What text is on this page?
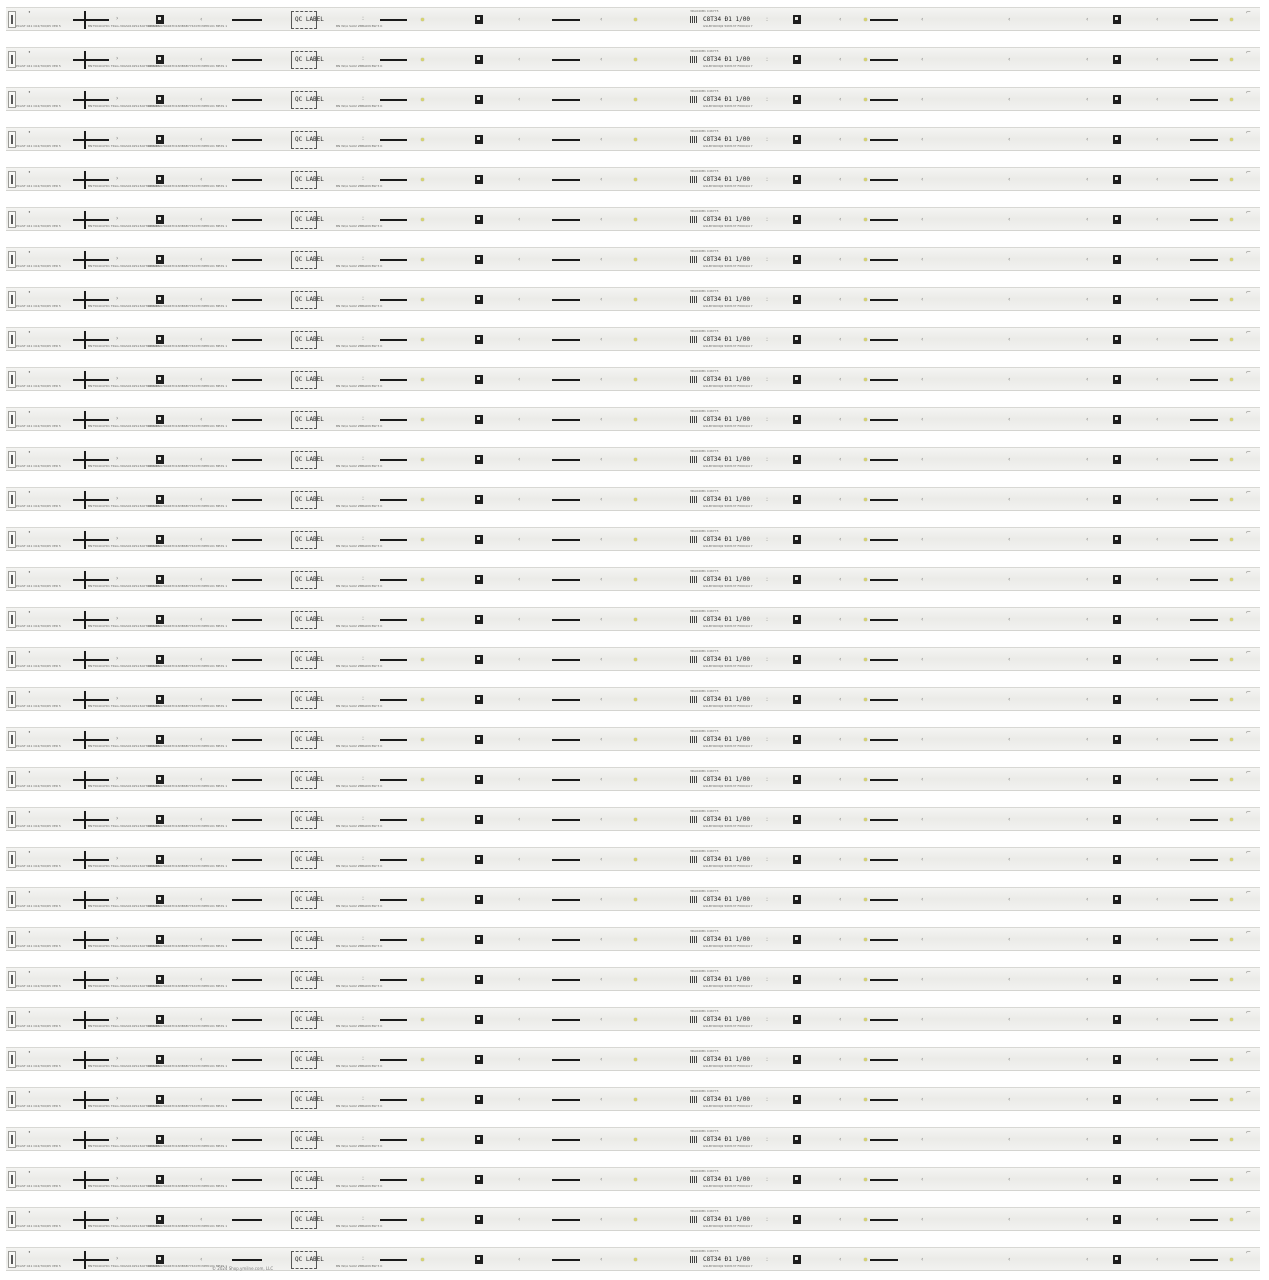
♦
PCAST 041 C04/700/R5 VER 5	BN7504047D1 TRLG-30GS0102S13A0T040AD1
›
DHN BN6704047D1N3B6B774X07D3PP0101 MEXS 1
‹	QC LABEL
BN WI/A SA02 ZBBADN BW 5 K
:	‹	‹
3DA040B1 C46775
C8T34 Ð1 1/00
GSLBY00D0J2 50M137 F0004/4 Y
:	‹	‹	‹	‹	‹
⌐
♦
PCAST 041 C04/700/R5 VER 5	BN7504047D1 TRLG-30GS0102S13A0T040AD1
›
DHN BN6704047D1N3B6B774X07D3PP0101 MEXS 1
‹	QC LABEL
BN WI/A SA02 ZBBADN BW 5 K
:	‹	‹
3DA040B1 C46775
C8T34 Ð1 1/00
GSLBY00D0J2 50M137 F0004/4 Y
:	‹	‹	‹	‹	‹
⌐
♦
PCAST 041 C04/700/R5 VER 5	BN7504047D1 TRLG-30GS0102S13A0T040AD1
›
DHN BN6704047D1N3B6B774X07D3PP0101 MEXS 1
‹	QC LABEL
BN WI/A SA02 ZBBADN BW 5 K
:	‹	‹
3DA040B1 C46775
C8T34 Ð1 1/00
GSLBY00D0J2 50M137 F0004/4 Y
:	‹	‹	‹	‹	‹
⌐
♦
PCAST 041 C04/700/R5 VER 5	BN7504047D1 TRLG-30GS0102S13A0T040AD1
›
DHN BN6704047D1N3B6B774X07D3PP0101 MEXS 1
‹	QC LABEL
BN WI/A SA02 ZBBADN BW 5 K
:	‹	‹
3DA040B1 C46775
C8T34 Ð1 1/00
GSLBY00D0J2 50M137 F0004/4 Y
:	‹	‹	‹	‹	‹
⌐
♦
PCAST 041 C04/700/R5 VER 5	BN7504047D1 TRLG-30GS0102S13A0T040AD1
›
DHN BN6704047D1N3B6B774X07D3PP0101 MEXS 1
‹	QC LABEL
BN WI/A SA02 ZBBADN BW 5 K
:	‹	‹
3DA040B1 C46775
C8T34 Ð1 1/00
GSLBY00D0J2 50M137 F0004/4 Y
:	‹	‹	‹	‹	‹
⌐
♦
PCAST 041 C04/700/R5 VER 5	BN7504047D1 TRLG-30GS0102S13A0T040AD1
›
DHN BN6704047D1N3B6B774X07D3PP0101 MEXS 1
‹	QC LABEL
BN WI/A SA02 ZBBADN BW 5 K
:	‹	‹
3DA040B1 C46775
C8T34 Ð1 1/00
GSLBY00D0J2 50M137 F0004/4 Y
:	‹	‹	‹	‹	‹
⌐
♦
PCAST 041 C04/700/R5 VER 5	BN7504047D1 TRLG-30GS0102S13A0T040AD1
›
DHN BN6704047D1N3B6B774X07D3PP0101 MEXS 1
‹	QC LABEL
BN WI/A SA02 ZBBADN BW 5 K
:	‹	‹
3DA040B1 C46775
C8T34 Ð1 1/00
GSLBY00D0J2 50M137 F0004/4 Y
:	‹	‹	‹	‹	‹
⌐
♦
PCAST 041 C04/700/R5 VER 5	BN7504047D1 TRLG-30GS0102S13A0T040AD1
›
DHN BN6704047D1N3B6B774X07D3PP0101 MEXS 1
‹	QC LABEL
BN WI/A SA02 ZBBADN BW 5 K
:	‹	‹
3DA040B1 C46775
C8T34 Ð1 1/00
GSLBY00D0J2 50M137 F0004/4 Y
:	‹	‹	‹	‹	‹
⌐
♦
PCAST 041 C04/700/R5 VER 5	BN7504047D1 TRLG-30GS0102S13A0T040AD1
›
DHN BN6704047D1N3B6B774X07D3PP0101 MEXS 1
‹	QC LABEL
BN WI/A SA02 ZBBADN BW 5 K
:	‹	‹
3DA040B1 C46775
C8T34 Ð1 1/00
GSLBY00D0J2 50M137 F0004/4 Y
:	‹	‹	‹	‹	‹
⌐
♦
PCAST 041 C04/700/R5 VER 5	BN7504047D1 TRLG-30GS0102S13A0T040AD1
›
DHN BN6704047D1N3B6B774X07D3PP0101 MEXS 1
‹	QC LABEL
BN WI/A SA02 ZBBADN BW 5 K
:	‹	‹
3DA040B1 C46775
C8T34 Ð1 1/00
GSLBY00D0J2 50M137 F0004/4 Y
:	‹	‹	‹	‹	‹
⌐
♦
PCAST 041 C04/700/R5 VER 5	BN7504047D1 TRLG-30GS0102S13A0T040AD1
›
DHN BN6704047D1N3B6B774X07D3PP0101 MEXS 1
‹	QC LABEL
BN WI/A SA02 ZBBADN BW 5 K
:	‹	‹
3DA040B1 C46775
C8T34 Ð1 1/00
GSLBY00D0J2 50M137 F0004/4 Y
:	‹	‹	‹	‹	‹
⌐
♦
PCAST 041 C04/700/R5 VER 5	BN7504047D1 TRLG-30GS0102S13A0T040AD1
›
DHN BN6704047D1N3B6B774X07D3PP0101 MEXS 1
‹	QC LABEL
BN WI/A SA02 ZBBADN BW 5 K
:	‹	‹
3DA040B1 C46775
C8T34 Ð1 1/00
GSLBY00D0J2 50M137 F0004/4 Y
:	‹	‹	‹	‹	‹
⌐
♦
PCAST 041 C04/700/R5 VER 5	BN7504047D1 TRLG-30GS0102S13A0T040AD1
›
DHN BN6704047D1N3B6B774X07D3PP0101 MEXS 1
‹	QC LABEL
BN WI/A SA02 ZBBADN BW 5 K
:	‹	‹
3DA040B1 C46775
C8T34 Ð1 1/00
GSLBY00D0J2 50M137 F0004/4 Y
:	‹	‹	‹	‹	‹
⌐
♦
PCAST 041 C04/700/R5 VER 5	BN7504047D1 TRLG-30GS0102S13A0T040AD1
›
DHN BN6704047D1N3B6B774X07D3PP0101 MEXS 1
‹	QC LABEL
BN WI/A SA02 ZBBADN BW 5 K
:	‹	‹
3DA040B1 C46775
C8T34 Ð1 1/00
GSLBY00D0J2 50M137 F0004/4 Y
:	‹	‹	‹	‹	‹
⌐
♦
PCAST 041 C04/700/R5 VER 5	BN7504047D1 TRLG-30GS0102S13A0T040AD1
›
DHN BN6704047D1N3B6B774X07D3PP0101 MEXS 1
‹	QC LABEL
BN WI/A SA02 ZBBADN BW 5 K
:	‹	‹
3DA040B1 C46775
C8T34 Ð1 1/00
GSLBY00D0J2 50M137 F0004/4 Y
:	‹	‹	‹	‹	‹
⌐
♦
PCAST 041 C04/700/R5 VER 5	BN7504047D1 TRLG-30GS0102S13A0T040AD1
›
DHN BN6704047D1N3B6B774X07D3PP0101 MEXS 1
‹	QC LABEL
BN WI/A SA02 ZBBADN BW 5 K
:	‹	‹
3DA040B1 C46775
C8T34 Ð1 1/00
GSLBY00D0J2 50M137 F0004/4 Y
:	‹	‹	‹	‹	‹
⌐
♦
PCAST 041 C04/700/R5 VER 5	BN7504047D1 TRLG-30GS0102S13A0T040AD1
›
DHN BN6704047D1N3B6B774X07D3PP0101 MEXS 1
‹	QC LABEL
BN WI/A SA02 ZBBADN BW 5 K
:	‹	‹
3DA040B1 C46775
C8T34 Ð1 1/00
GSLBY00D0J2 50M137 F0004/4 Y
:	‹	‹	‹	‹	‹
⌐
♦
PCAST 041 C04/700/R5 VER 5	BN7504047D1 TRLG-30GS0102S13A0T040AD1
›
DHN BN6704047D1N3B6B774X07D3PP0101 MEXS 1
‹	QC LABEL
BN WI/A SA02 ZBBADN BW 5 K
:	‹	‹
3DA040B1 C46775
C8T34 Ð1 1/00
GSLBY00D0J2 50M137 F0004/4 Y
:	‹	‹	‹	‹	‹
⌐
♦
PCAST 041 C04/700/R5 VER 5	BN7504047D1 TRLG-30GS0102S13A0T040AD1
›
DHN BN6704047D1N3B6B774X07D3PP0101 MEXS 1
‹	QC LABEL
BN WI/A SA02 ZBBADN BW 5 K
:	‹	‹
3DA040B1 C46775
C8T34 Ð1 1/00
GSLBY00D0J2 50M137 F0004/4 Y
:	‹	‹	‹	‹	‹
⌐
♦
PCAST 041 C04/700/R5 VER 5	BN7504047D1 TRLG-30GS0102S13A0T040AD1
›
DHN BN6704047D1N3B6B774X07D3PP0101 MEXS 1
‹	QC LABEL
BN WI/A SA02 ZBBADN BW 5 K
:	‹	‹
3DA040B1 C46775
C8T34 Ð1 1/00
GSLBY00D0J2 50M137 F0004/4 Y
:	‹	‹	‹	‹	‹
⌐
♦
PCAST 041 C04/700/R5 VER 5	BN7504047D1 TRLG-30GS0102S13A0T040AD1
›
DHN BN6704047D1N3B6B774X07D3PP0101 MEXS 1
‹	QC LABEL
BN WI/A SA02 ZBBADN BW 5 K
:	‹	‹
3DA040B1 C46775
C8T34 Ð1 1/00
GSLBY00D0J2 50M137 F0004/4 Y
:	‹	‹	‹	‹	‹
⌐
♦
PCAST 041 C04/700/R5 VER 5	BN7504047D1 TRLG-30GS0102S13A0T040AD1
›
DHN BN6704047D1N3B6B774X07D3PP0101 MEXS 1
‹	QC LABEL
BN WI/A SA02 ZBBADN BW 5 K
:	‹	‹
3DA040B1 C46775
C8T34 Ð1 1/00
GSLBY00D0J2 50M137 F0004/4 Y
:	‹	‹	‹	‹	‹
⌐
♦
PCAST 041 C04/700/R5 VER 5	BN7504047D1 TRLG-30GS0102S13A0T040AD1
›
DHN BN6704047D1N3B6B774X07D3PP0101 MEXS 1
‹	QC LABEL
BN WI/A SA02 ZBBADN BW 5 K
:	‹	‹
3DA040B1 C46775
C8T34 Ð1 1/00
GSLBY00D0J2 50M137 F0004/4 Y
:	‹	‹	‹	‹	‹
⌐
♦
PCAST 041 C04/700/R5 VER 5	BN7504047D1 TRLG-30GS0102S13A0T040AD1
›
DHN BN6704047D1N3B6B774X07D3PP0101 MEXS 1
‹	QC LABEL
BN WI/A SA02 ZBBADN BW 5 K
:	‹	‹
3DA040B1 C46775
C8T34 Ð1 1/00
GSLBY00D0J2 50M137 F0004/4 Y
:	‹	‹	‹	‹	‹
⌐
♦
PCAST 041 C04/700/R5 VER 5	BN7504047D1 TRLG-30GS0102S13A0T040AD1
›
DHN BN6704047D1N3B6B774X07D3PP0101 MEXS 1
‹	QC LABEL
BN WI/A SA02 ZBBADN BW 5 K
:	‹	‹
3DA040B1 C46775
C8T34 Ð1 1/00
GSLBY00D0J2 50M137 F0004/4 Y
:	‹	‹	‹	‹	‹
⌐
♦
PCAST 041 C04/700/R5 VER 5	BN7504047D1 TRLG-30GS0102S13A0T040AD1
›
DHN BN6704047D1N3B6B774X07D3PP0101 MEXS 1
‹	QC LABEL
BN WI/A SA02 ZBBADN BW 5 K
:	‹	‹
3DA040B1 C46775
C8T34 Ð1 1/00
GSLBY00D0J2 50M137 F0004/4 Y
:	‹	‹	‹	‹	‹
⌐
♦
PCAST 041 C04/700/R5 VER 5	BN7504047D1 TRLG-30GS0102S13A0T040AD1
›
DHN BN6704047D1N3B6B774X07D3PP0101 MEXS 1
‹	QC LABEL
BN WI/A SA02 ZBBADN BW 5 K
:	‹	‹
3DA040B1 C46775
C8T34 Ð1 1/00
GSLBY00D0J2 50M137 F0004/4 Y
:	‹	‹	‹	‹	‹
⌐
♦
PCAST 041 C04/700/R5 VER 5	BN7504047D1 TRLG-30GS0102S13A0T040AD1
›
DHN BN6704047D1N3B6B774X07D3PP0101 MEXS 1
‹	QC LABEL
BN WI/A SA02 ZBBADN BW 5 K
:	‹	‹
3DA040B1 C46775
C8T34 Ð1 1/00
GSLBY00D0J2 50M137 F0004/4 Y
:	‹	‹	‹	‹	‹
⌐
♦
PCAST 041 C04/700/R5 VER 5	BN7504047D1 TRLG-30GS0102S13A0T040AD1
›
DHN BN6704047D1N3B6B774X07D3PP0101 MEXS 1
‹	QC LABEL
BN WI/A SA02 ZBBADN BW 5 K
:	‹	‹
3DA040B1 C46775
C8T34 Ð1 1/00
GSLBY00D0J2 50M137 F0004/4 Y
:	‹	‹	‹	‹	‹
⌐
♦
PCAST 041 C04/700/R5 VER 5	BN7504047D1 TRLG-30GS0102S13A0T040AD1
›
DHN BN6704047D1N3B6B774X07D3PP0101 MEXS 1
‹	QC LABEL
BN WI/A SA02 ZBBADN BW 5 K
:	‹	‹
3DA040B1 C46775
C8T34 Ð1 1/00
GSLBY00D0J2 50M137 F0004/4 Y
:	‹	‹	‹	‹	‹
⌐
♦
PCAST 041 C04/700/R5 VER 5	BN7504047D1 TRLG-30GS0102S13A0T040AD1
›
DHN BN6704047D1N3B6B774X07D3PP0101 MEXS 1
‹	QC LABEL
BN WI/A SA02 ZBBADN BW 5 K
:	‹	‹
3DA040B1 C46775
C8T34 Ð1 1/00
GSLBY00D0J2 50M137 F0004/4 Y
:	‹	‹	‹	‹	‹
⌐
♦
PCAST 041 C04/700/R5 VER 5	BN7504047D1 TRLG-30GS0102S13A0T040AD1
›
DHN BN6704047D1N3B6B774X07D3PP0101 MEXS 1
‹	QC LABEL
BN WI/A SA02 ZBBADN BW 5 K
:	‹	‹
3DA040B1 C46775
C8T34 Ð1 1/00
GSLBY00D0J2 50M137 F0004/4 Y
:	‹	‹	‹	‹	‹
⌐
© 2024 Shop.ymilne.com, LLC
